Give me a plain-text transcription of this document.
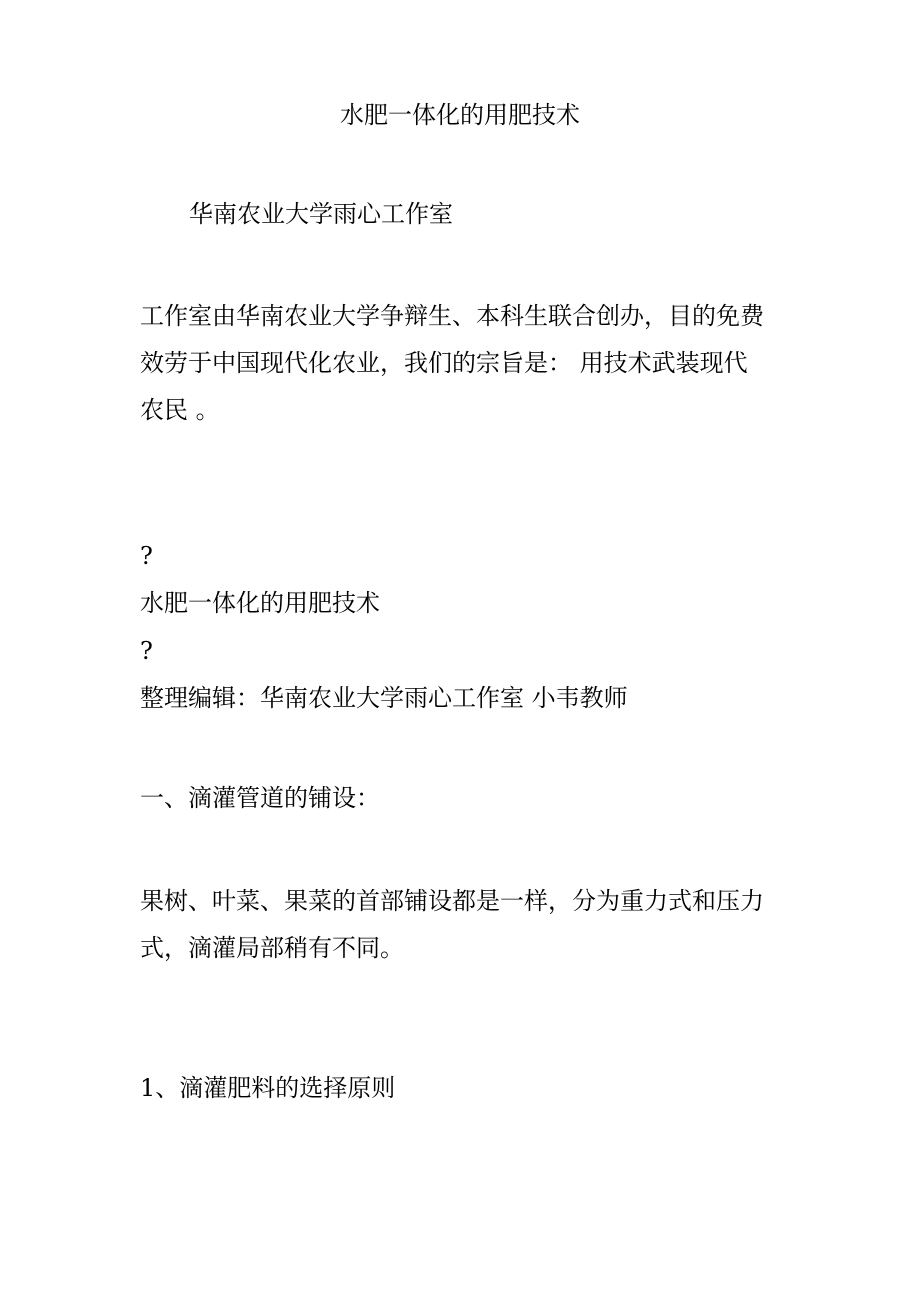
水肥一体化的用肥技术

华南农业大学雨心工作室

工作室由华南农业大学争辩生、本科生联合创办，目的免费
效劳于中国现代化农业，我们的宗旨是： 用技术武装现代
农民 。

?

水肥一体化的用肥技术

?

整理编辑：华南农业大学雨心工作室 小韦教师

一、滴灌管道的铺设：
果树、叶菜、果菜的首部铺设都是一样，分为重力式和压力
式，滴灌局部稍有不同。
1、滴灌肥料的选择原则
